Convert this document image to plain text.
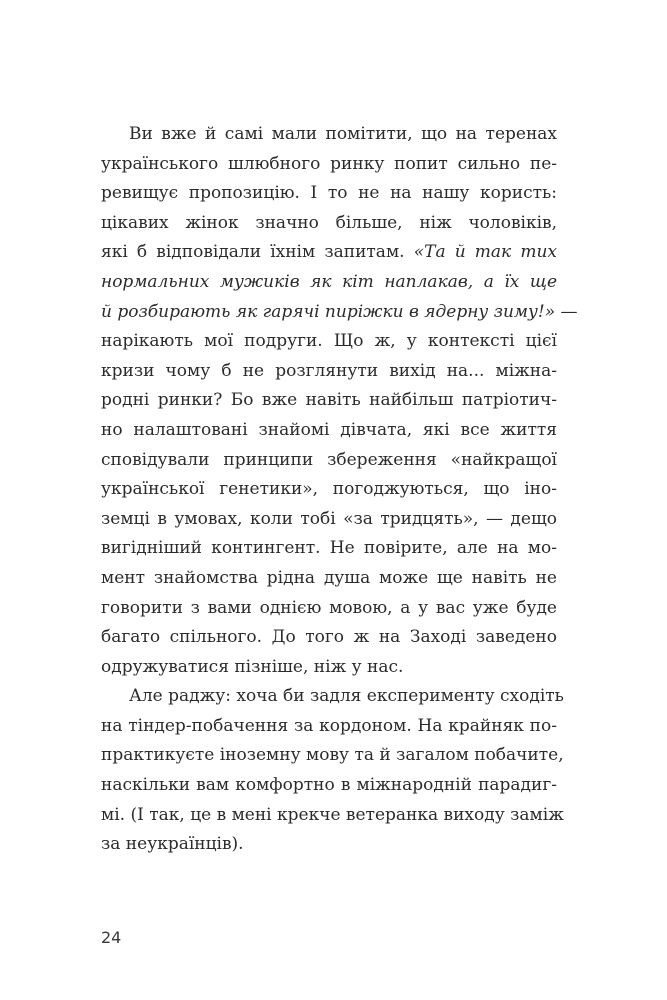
Ви вже й самі мали помітити, що на теренах
українського шлюбного ринку попит сильно пе-
ревищує пропозицію. І то не на нашу користь:
цікавих жінок значно більше, ніж чоловіків,
які б відповідали їхнім запитам. «Та й так тих
нормальних мужиків як кіт наплакав, а їх ще
й розбирають як гарячі пиріжки в ядерну зиму!» —
нарікають мої подруги. Що ж, у контексті цієї
кризи чому б не розглянути вихід на... міжна-
родні ринки? Бо вже навіть найбільш патріотич-
но налаштовані знайомі дівчата, які все життя
сповідували принципи збереження «найкращої
української генетики», погоджуються, що іно-
земці в умовах, коли тобі «за тридцять», — дещо
вигідніший контингент. Не повірите, але на мо-
мент знайомства рідна душа може ще навіть не
говорити з вами однією мовою, а у вас уже буде
багато спільного. До того ж на Заході заведено
одружуватися пізніше, ніж у нас.
Але раджу: хоча би задля експерименту сходіть
на тіндер-побачення за кордоном. На крайняк по-
практикуєте іноземну мову та й загалом побачите,
наскільки вам комфортно в міжнародній парадиг-
мі. (І так, це в мені крекче ветеранка виходу заміж
за неукраїнців).
24
